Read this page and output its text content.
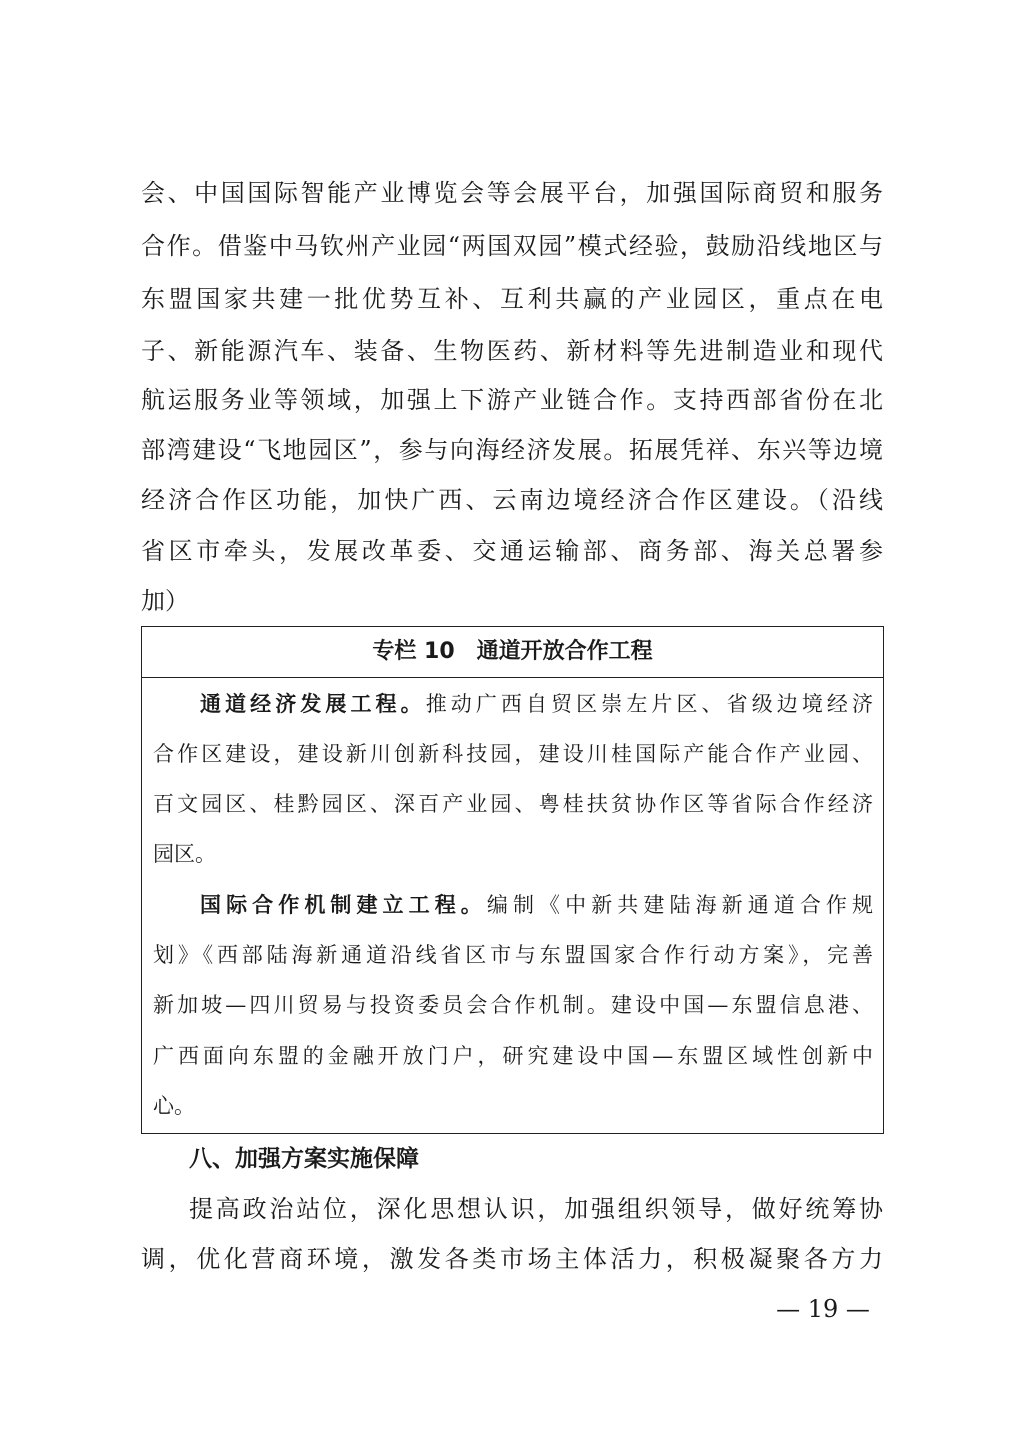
会、中国国际智能产业博览会等会展平台，加强国际商贸和服务
合作。借鉴中马钦州产业园“两国双园”模式经验，鼓励沿线地区与
东盟国家共建一批优势互补、互利共赢的产业园区，重点在电
子、新能源汽车、装备、生物医药、新材料等先进制造业和现代
航运服务业等领域，加强上下游产业链合作。支持西部省份在北
部湾建设“飞地园区”，参与向海经济发展。拓展凭祥、东兴等边境
经济合作区功能，加快广西、云南边境经济合作区建设。（沿线
省区市牵头，发展改革委、交通运输部、商务部、海关总署参
加）
专栏 10　通道开放合作工程
通道经济发展工程。推动广西自贸区崇左片区、省级边境经济
合作区建设，建设新川创新科技园，建设川桂国际产能合作产业园、
百文园区、桂黔园区、深百产业园、粤桂扶贫协作区等省际合作经济
园区。
国际合作机制建立工程。编制《中新共建陆海新通道合作规
划》《西部陆海新通道沿线省区市与东盟国家合作行动方案》，完善
新加坡—四川贸易与投资委员会合作机制。建设中国—东盟信息港、
广西面向东盟的金融开放门户，研究建设中国—东盟区域性创新中
心。
八、加强方案实施保障
提高政治站位，深化思想认识，加强组织领导，做好统筹协
调，优化营商环境，激发各类市场主体活力，积极凝聚各方力
— 19 —
